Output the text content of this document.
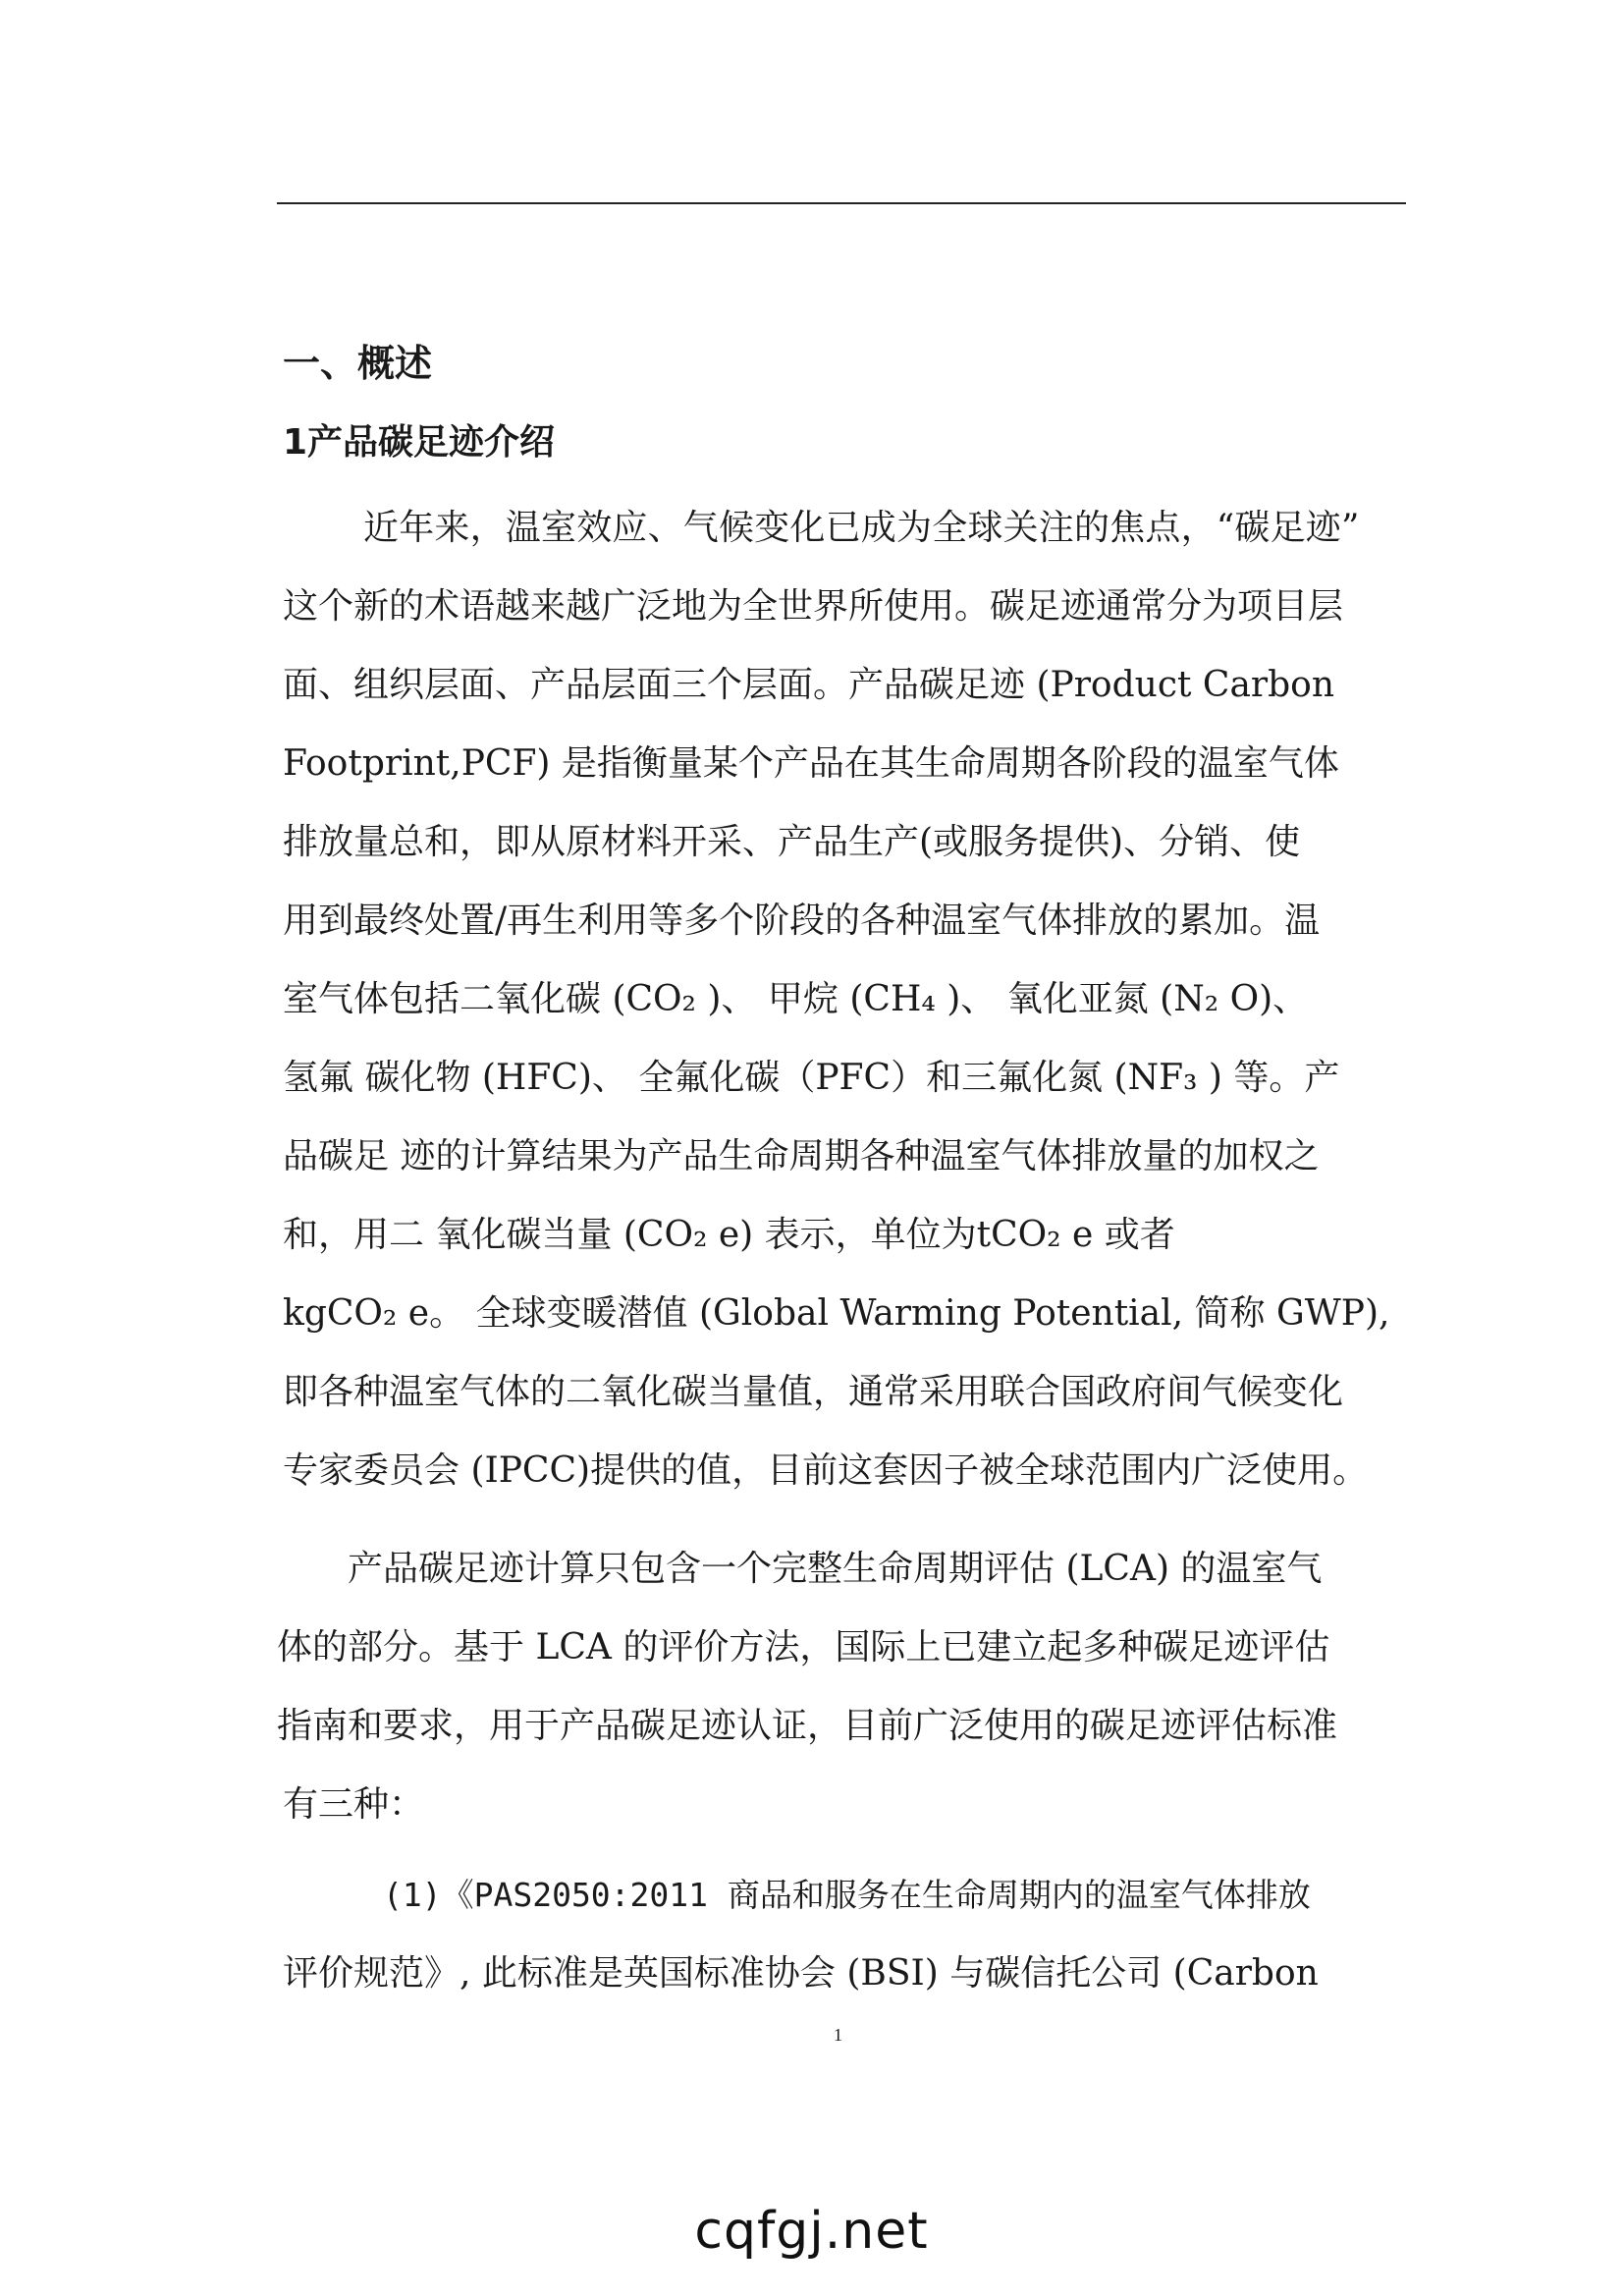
一、概述
1产品碳足迹介绍

近年来，温室效应、气候变化已成为全球关注的焦点，“碳足迹”

这个新的术语越来越广泛地为全世界所使用。碳足迹通常分为项目层

面、组织层面、产品层面三个层面。产品碳足迹 (Product Carbon

Footprint,PCF) 是指衡量某个产品在其生命周期各阶段的温室气体

排放量总和，即从原材料开采、产品生产(或服务提供)、分销、使

用到最终处置/再生利用等多个阶段的各种温室气体排放的累加。温

室气体包括二氧化碳 (CO₂ )、 甲烷 (CH₄ )、 氧化亚氮 (N₂ O)、

氢氟 碳化物 (HFC)、 全氟化碳（PFC）和三氟化氮 (NF₃ ) 等。产

品碳足 迹的计算结果为产品生命周期各种温室气体排放量的加权之

和，用二 氧化碳当量 (CO₂ e) 表示，单位为tCO₂ e 或者

kgCO₂ e。 全球变暖潜值 (Global Warming Potential, 简称 GWP),

即各种温室气体的二氧化碳当量值，通常采用联合国政府间气候变化

专家委员会 (IPCC)提供的值，目前这套因子被全球范围内广泛使用。

产品碳足迹计算只包含一个完整生命周期评估 (LCA) 的温室气

体的部分。基于 LCA 的评价方法，国际上已建立起多种碳足迹评估

指南和要求，用于产品碳足迹认证，目前广泛使用的碳足迹评估标准

有三种：

(1)《PAS2050:2011 商品和服务在生命周期内的温室气体排放

评价规范》, 此标准是英国标准协会 (BSI) 与碳信托公司 (Carbon

1
cqfgj.net
